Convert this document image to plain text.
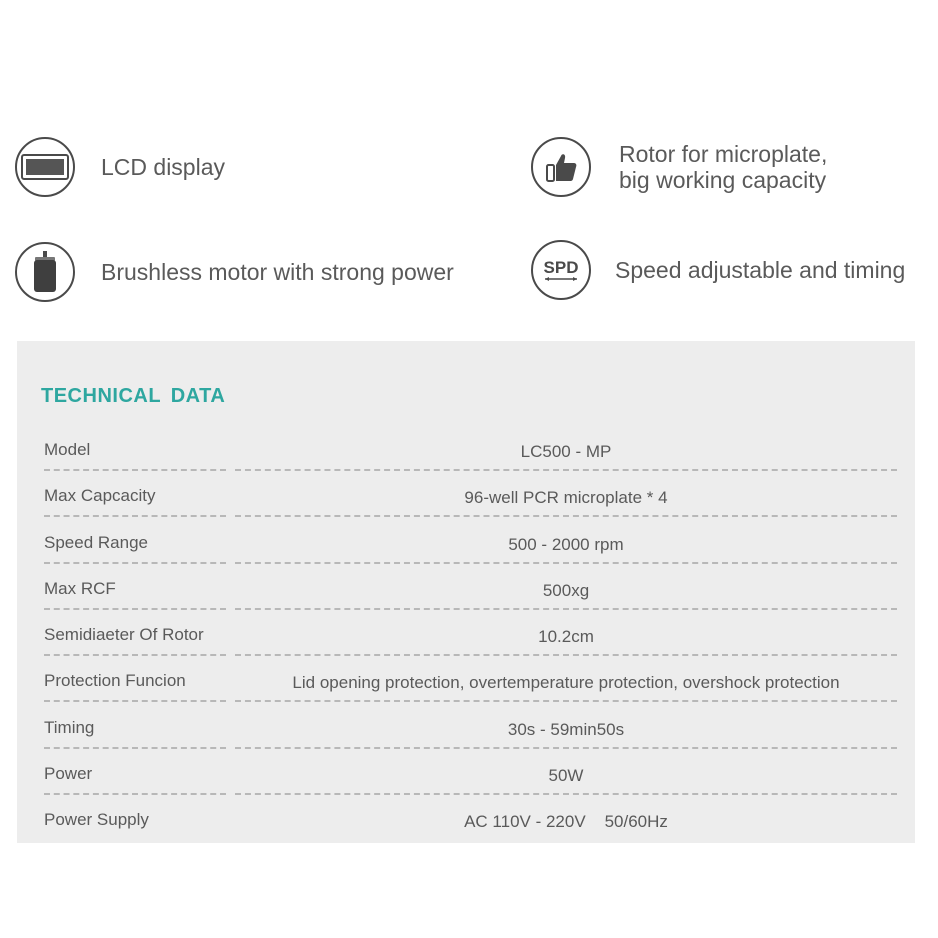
LCD display	Rotor for microplate,
big working capacity
Brushless motor with strong power	SPD Speed adjustable and timing
TECHNICAL DATA
Model	LC500 - MP
Max Capcacity	96-well PCR microplate * 4
Speed Range	500 - 2000 rpm
Max RCF	500xg
Semidiaeter Of Rotor	10.2cm
Protection Funcion	Lid opening protection, overtemperature protection, overshock protection
Timing	30s - 59min50s
Power	50W
Power Supply	AC 110V - 220V    50/60Hz
